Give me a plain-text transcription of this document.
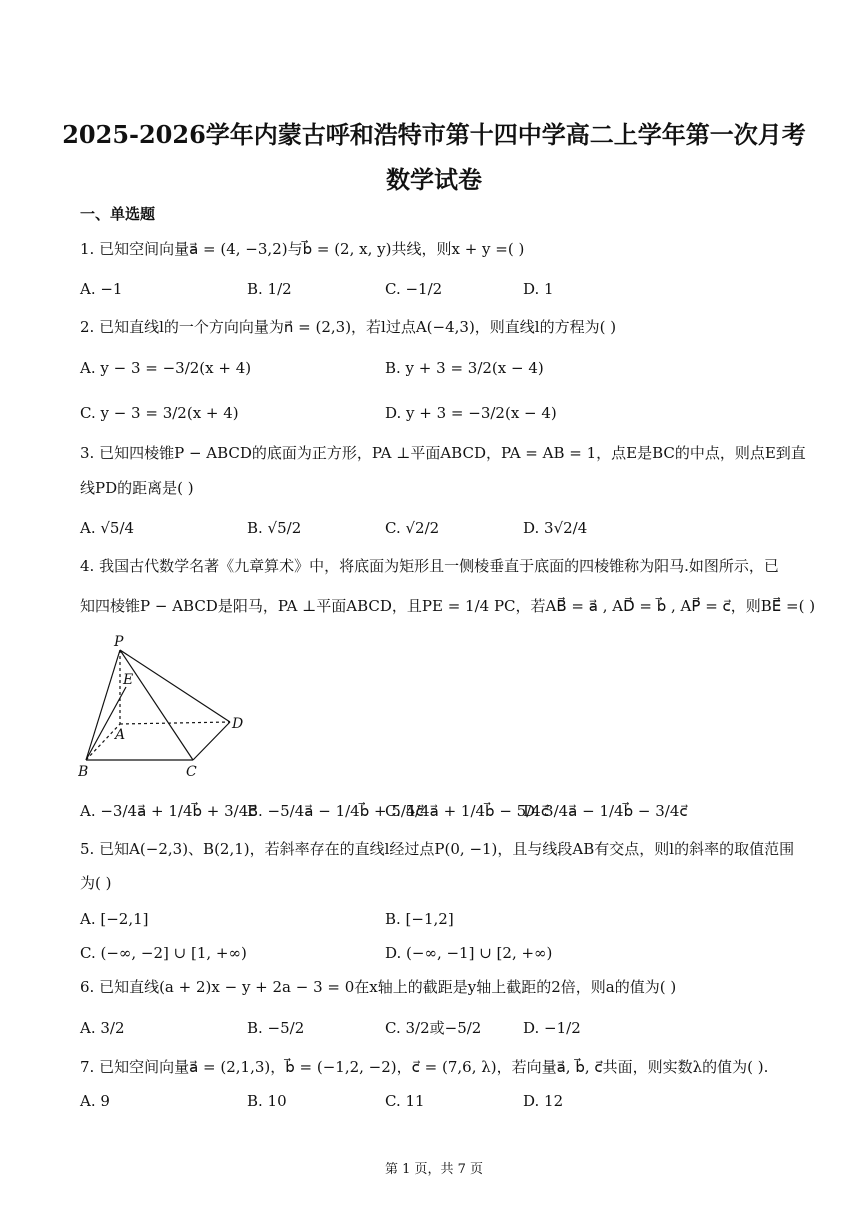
2025-2026学年内蒙古呼和浩特市第十四中学高二上学年第一次月考
数学试卷
一、单选题
1. 已知空间向量a⃗ = (4, −3,2)与b⃗ = (2, x, y)共线，则x + y =( )
A. −1	B. 1/2	C. −1/2	D. 1
2. 已知直线l的一个方向向量为n⃗ = (2,3)，若l过点A(−4,3)，则直线l的方程为( )
A. y − 3 = −3/2(x + 4)	B. y + 3 = 3/2(x − 4)
C. y − 3 = 3/2(x + 4)	D. y + 3 = −3/2(x − 4)
3. 已知四棱锥P − ABCD的底面为正方形，PA ⊥平面ABCD，PA = AB = 1，点E是BC的中点，则点E到直
线PD的距离是( )
A. √5/4	B. √5/2	C. √2/2	D. 3√2/4
4. 我国古代数学名著《九章算术》中，将底面为矩形且一侧棱垂直于底面的四棱锥称为阳马.如图所示，已
知四棱锥P − ABCD是阳马，PA ⊥平面ABCD，且PE = 1/4 PC，若AB⃗ = a⃗ , AD⃗ = b⃗ , AP⃗ = c⃗，则BE⃗ =( )
P
E
A
B	C
D
A. −3/4a⃗ + 1/4b⃗ + 3/4c⃗
B. −5/4a⃗ − 1/4b⃗ + 5/4c⃗
C. 5/4a⃗ + 1/4b⃗ − 5/4c⃗
D. 3/4a⃗ − 1/4b⃗ − 3/4c⃗
5. 已知A(−2,3)、B(2,1)，若斜率存在的直线l经过点P(0, −1)，且与线段AB有交点，则l的斜率的取值范围
为( )
A. [−2,1]	B. [−1,2]
C. (−∞, −2] ∪ [1, +∞)	D. (−∞, −1] ∪ [2, +∞)
6. 已知直线(a + 2)x − y + 2a − 3 = 0在x轴上的截距是y轴上截距的2倍，则a的值为( )
A. 3/2	B. −5/2	C. 3/2或−5/2	D. −1/2
7. 已知空间向量a⃗ = (2,1,3)，b⃗ = (−1,2, −2)，c⃗ = (7,6, λ)，若向量a⃗, b⃗, c⃗共面，则实数λ的值为( ).
A. 9	B. 10	C. 11	D. 12
第 1 页，共 7 页
